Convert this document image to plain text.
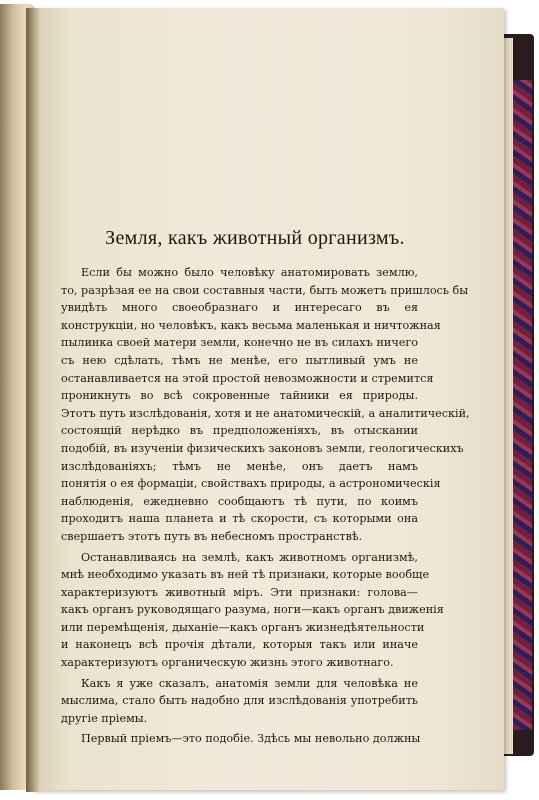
Земля, какъ животный организмъ.
Если бы можно было человѣку анатомировать землю,
то, разрѣзая ее на свои составныя части, быть можетъ пришлось бы
увидѣть много своеобразнаго и интересаго въ ея
конструкціи, но человѣкъ, какъ весьма маленькая и ничтожная
пылинка своей матери земли, конечно не въ силахъ ничего
съ нею сдѣлать, тѣмъ не менѣе, его пытливый умъ не
останавливается на этой простой невозможности и стремится
проникнуть во всѣ сокровенные тайники ея природы.
Этотъ путь изслѣдованія, хотя и не анатомическій, а аналитическій,
состоящій нерѣдко въ предположеніяхъ, въ отыскании
подобій, въ изученіи физическихъ законовъ земли, геологическихъ
изслѣдованіяхъ; тѣмъ не менѣе, онъ даетъ намъ
понятія о ея формаціи, свойствахъ природы, а астрономическія
наблюденія, ежедневно сообщаютъ тѣ пути, по коимъ
проходитъ наша планета и тѣ скорости, съ которыми она
свершаетъ этотъ путь въ небесномъ пространствѣ.
Останавливаясь на землѣ, какъ животномъ организмѣ,
мнѣ необходимо указать въ ней тѣ признаки, которые вообще
характеризуютъ животный міръ. Эти признаки: голова—
какъ органъ руководящаго разума, ноги—какъ органъ движенія
или перемѣщенія, дыханіе—какъ органъ жизнедѣятельности
и наконецъ всѣ прочія дѣтали, которыя такъ или иначе
характеризуютъ органическую жизнь этого животнаго.
Какъ я уже сказалъ, анатомія земли для человѣка не
мыслима, стало быть надобно для изслѣдованія употребить
другіе пріемы.
Первый пріемъ—это подобіе. Здѣсь мы невольно должны
